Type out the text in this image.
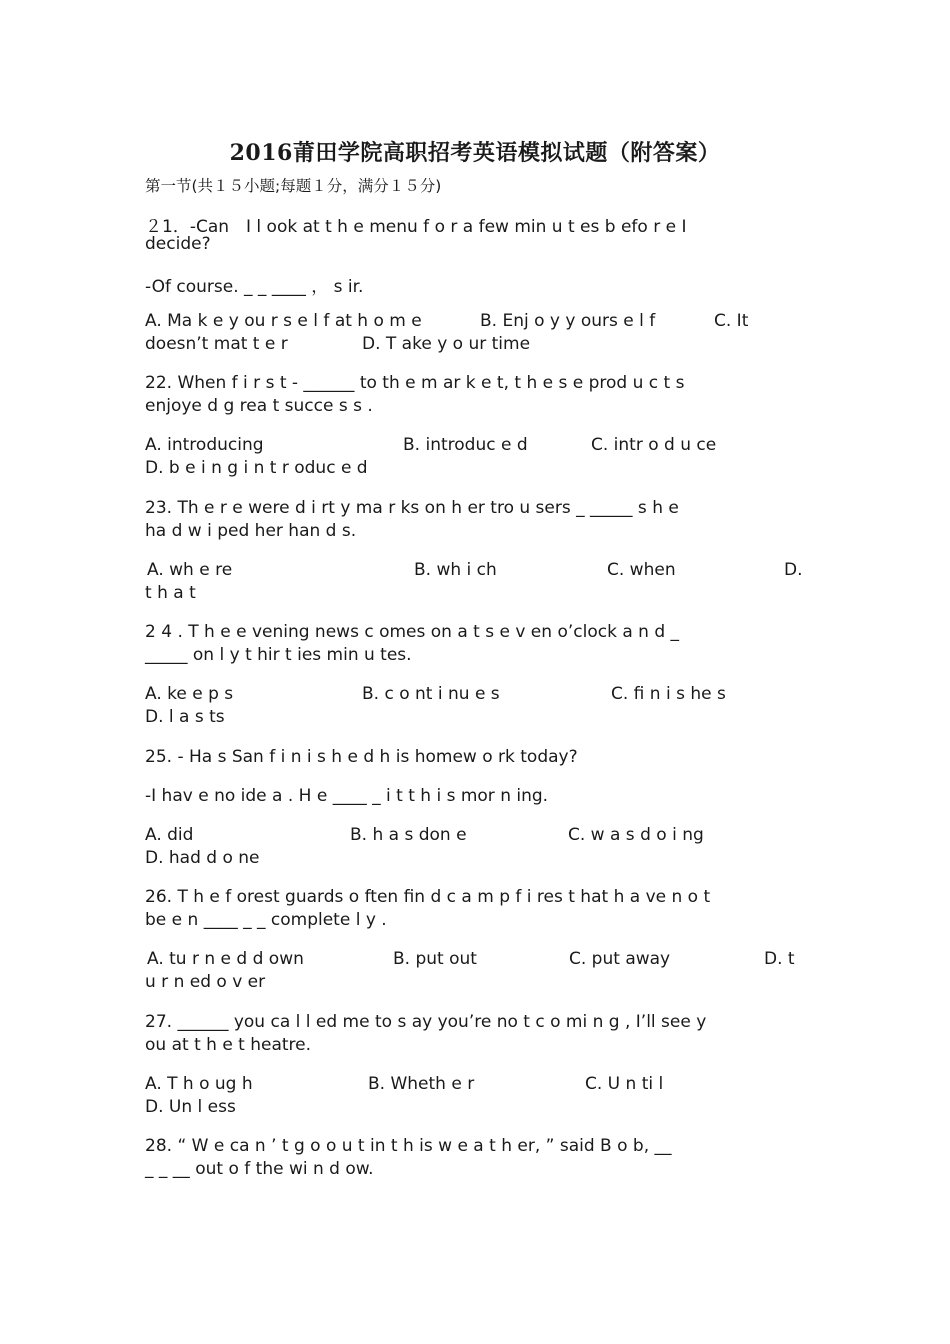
2016莆田学院高职招考英语模拟试题（附答案）
第一节(共１５小题;每题１分，满分１５分)
２1．-Can　I l ook at t h e menu f o r a few min u t es b efo r e I
decide?
-Of course. _ _ ____ ， s ir.
A. Ma k e y ou r s e l f at h o m e	B. Enj o y y ours e l f	C. It
doesn’t mat t e r	D. T ake y o ur time
22. When f i r s t - ______ to th e m ar k e t, t h e s e prod u c t s
enjoye d g rea t succe s s .
A. introducing	B. introduc e d	C. intr o d u ce
D. b e i n g i n t r oduc e d
23. Th e r e were d i rt y ma r ks on h er tro u sers _ _____ s h e
ha d w i ped her han d s.
A. wh e re	B. wh i ch	C. when	D.
t h a t
2 4 . T h e e vening news c omes on a t s e v en o’clock a n d _
_____ on l y t hir t ies min u tes.
A. ke e p s	B. c o nt i nu e s	C. fi n i s he s
D. l a s ts
25. - Ha s San f i n i s h e d h is homew o rk today?
-I hav e no ide a . H e ____ _ i t t h i s mor n ing.
A. did	B. h a s don e	C. w a s d o i ng
D. had d o ne
26. T h e f orest guards o ften fin d c a m p f i res t hat h a ve n o t
be e n ____ _ _ complete l y .
A. tu r n e d d own	B. put out	C. put away	D. t
u r n ed o v er
27. ______ you ca l l ed me to s ay you’re no t c o mi n g , I’ll see y
ou at t h e t heatre.
A. T h o ug h	B. Wheth e r	C. U n ti l
D. Un l ess
28. “ W e ca n ’ t g o o u t in t h is w e a t h er, ” said B o b, __
_ _ __ out o f the wi n d ow.
